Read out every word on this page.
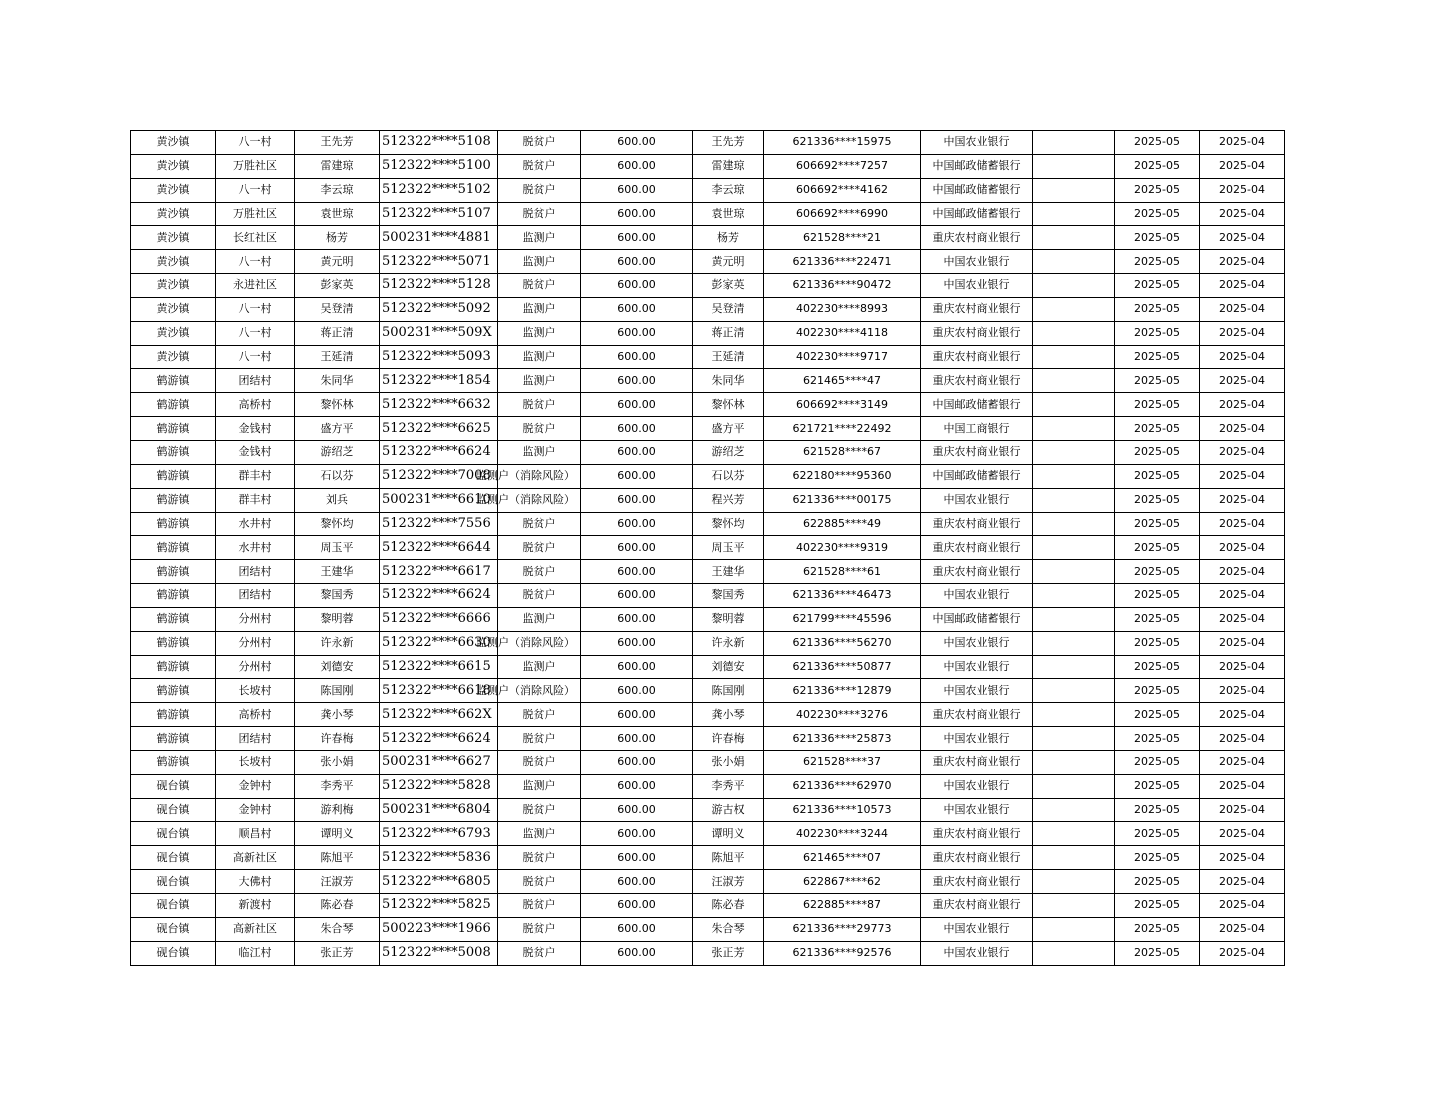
黄沙镇	八一村	王先芳	512322****5108	脱贫户	600.00	王先芳	621336****15975	中国农业银行		2025-05	2025-04
黄沙镇	万胜社区	雷建琼	512322****5100	脱贫户	600.00	雷建琼	606692****7257	中国邮政储蓄银行		2025-05	2025-04
黄沙镇	八一村	李云琼	512322****5102	脱贫户	600.00	李云琼	606692****4162	中国邮政储蓄银行		2025-05	2025-04
黄沙镇	万胜社区	袁世琼	512322****5107	脱贫户	600.00	袁世琼	606692****6990	中国邮政储蓄银行		2025-05	2025-04
黄沙镇	长红社区	杨芳	500231****4881	监测户	600.00	杨芳	621528****21	重庆农村商业银行		2025-05	2025-04
黄沙镇	八一村	黄元明	512322****5071	监测户	600.00	黄元明	621336****22471	中国农业银行		2025-05	2025-04
黄沙镇	永进社区	彭家英	512322****5128	脱贫户	600.00	彭家英	621336****90472	中国农业银行		2025-05	2025-04
黄沙镇	八一村	吴登清	512322****5092	监测户	600.00	吴登清	402230****8993	重庆农村商业银行		2025-05	2025-04
黄沙镇	八一村	蒋正清	500231****509X	监测户	600.00	蒋正清	402230****4118	重庆农村商业银行		2025-05	2025-04
黄沙镇	八一村	王延清	512322****5093	监测户	600.00	王延清	402230****9717	重庆农村商业银行		2025-05	2025-04
鹤游镇	团结村	朱同华	512322****1854	监测户	600.00	朱同华	621465****47	重庆农村商业银行		2025-05	2025-04
鹤游镇	高桥村	黎怀林	512322****6632	脱贫户	600.00	黎怀林	606692****3149	中国邮政储蓄银行		2025-05	2025-04
鹤游镇	金钱村	盛方平	512322****6625	脱贫户	600.00	盛方平	621721****22492	中国工商银行		2025-05	2025-04
鹤游镇	金钱村	游绍芝	512322****6624	监测户	600.00	游绍芝	621528****67	重庆农村商业银行		2025-05	2025-04
鹤游镇	群丰村	石以芬	512322****7008	监测户（消除风险）	600.00	石以芬	622180****95360	中国邮政储蓄银行		2025-05	2025-04
鹤游镇	群丰村	刘兵	500231****6610	监测户（消除风险）	600.00	程兴芳	621336****00175	中国农业银行		2025-05	2025-04
鹤游镇	水井村	黎怀均	512322****7556	脱贫户	600.00	黎怀均	622885****49	重庆农村商业银行		2025-05	2025-04
鹤游镇	水井村	周玉平	512322****6644	脱贫户	600.00	周玉平	402230****9319	重庆农村商业银行		2025-05	2025-04
鹤游镇	团结村	王建华	512322****6617	脱贫户	600.00	王建华	621528****61	重庆农村商业银行		2025-05	2025-04
鹤游镇	团结村	黎国秀	512322****6624	脱贫户	600.00	黎国秀	621336****46473	中国农业银行		2025-05	2025-04
鹤游镇	分州村	黎明蓉	512322****6666	监测户	600.00	黎明蓉	621799****45596	中国邮政储蓄银行		2025-05	2025-04
鹤游镇	分州村	许永新	512322****6630	监测户（消除风险）	600.00	许永新	621336****56270	中国农业银行		2025-05	2025-04
鹤游镇	分州村	刘德安	512322****6615	监测户	600.00	刘德安	621336****50877	中国农业银行		2025-05	2025-04
鹤游镇	长坡村	陈国刚	512322****6618	监测户（消除风险）	600.00	陈国刚	621336****12879	中国农业银行		2025-05	2025-04
鹤游镇	高桥村	龚小琴	512322****662X	脱贫户	600.00	龚小琴	402230****3276	重庆农村商业银行		2025-05	2025-04
鹤游镇	团结村	许春梅	512322****6624	脱贫户	600.00	许春梅	621336****25873	中国农业银行		2025-05	2025-04
鹤游镇	长坡村	张小娟	500231****6627	脱贫户	600.00	张小娟	621528****37	重庆农村商业银行		2025-05	2025-04
砚台镇	金钟村	李秀平	512322****5828	监测户	600.00	李秀平	621336****62970	中国农业银行		2025-05	2025-04
砚台镇	金钟村	游利梅	500231****6804	脱贫户	600.00	游古权	621336****10573	中国农业银行		2025-05	2025-04
砚台镇	顺昌村	谭明义	512322****6793	监测户	600.00	谭明义	402230****3244	重庆农村商业银行		2025-05	2025-04
砚台镇	高新社区	陈旭平	512322****5836	脱贫户	600.00	陈旭平	621465****07	重庆农村商业银行		2025-05	2025-04
砚台镇	大佛村	汪淑芳	512322****6805	脱贫户	600.00	汪淑芳	622867****62	重庆农村商业银行		2025-05	2025-04
砚台镇	新渡村	陈必春	512322****5825	脱贫户	600.00	陈必春	622885****87	重庆农村商业银行		2025-05	2025-04
砚台镇	高新社区	朱合琴	500223****1966	脱贫户	600.00	朱合琴	621336****29773	中国农业银行		2025-05	2025-04
砚台镇	临江村	张正芳	512322****5008	脱贫户	600.00	张正芳	621336****92576	中国农业银行		2025-05	2025-04
